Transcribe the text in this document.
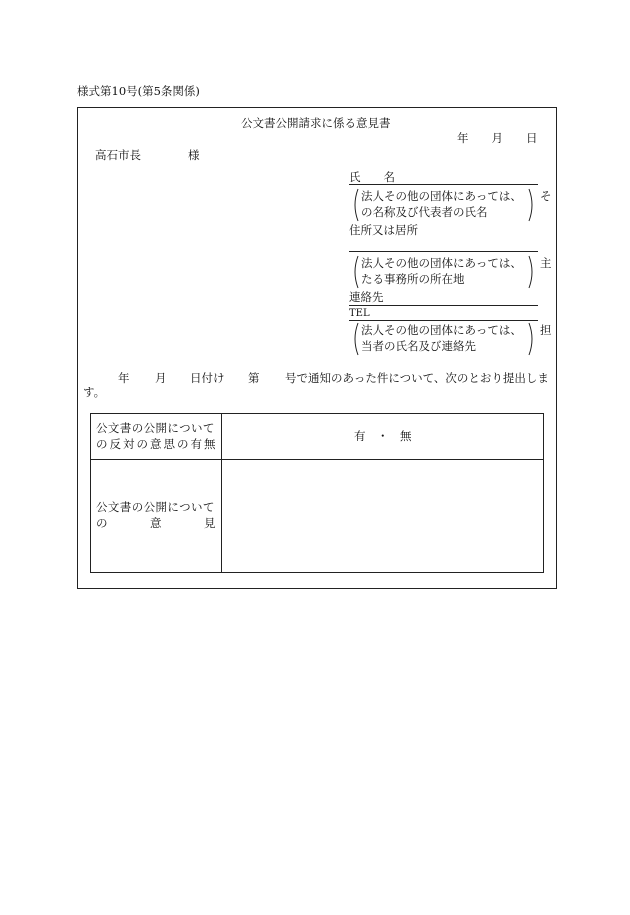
様式第10号(第5条関係)
公文書公開請求に係る意見書
年　　月　　日
高石市長	様
氏　　名
法人その他の団体にあっては、
の名称及び代表者の氏名
そ
住所又は居所
法人その他の団体にあっては、
たる事務所の所在地
主
連絡先
TEL
法人その他の団体にあっては、
当者の氏名及び連絡先
担
年 月 日付け 第 号で通知のあった件について、次のとおり提出しま
す。
公文書の公開について
の反対の意思の有無
有　・　無
公文書の公開について
の　　　意　　　見
